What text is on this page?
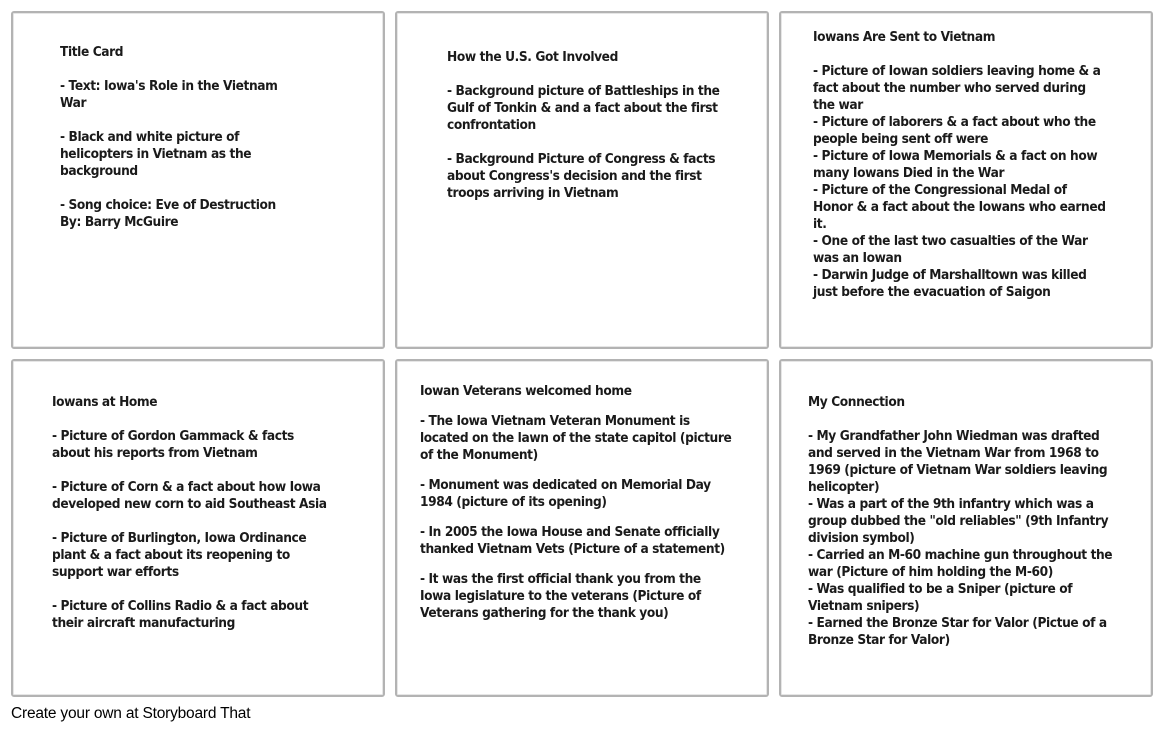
Title Card
- Text: Iowa's Role in the Vietnam War
- Black and white picture of helicopters in Vietnam as the background
- Song choice: Eve of Destruction By: Barry McGuire
How the U.S. Got Involved
- Background picture of Battleships in the Gulf of Tonkin & and a fact about the first confrontation
- Background Picture of Congress & facts about Congress's decision and the first troops arriving in Vietnam
Iowans Are Sent to Vietnam
- Picture of Iowan soldiers leaving home & a fact about the number who served during the war
- Picture of laborers & a fact about who the people being sent off were
- Picture of Iowa Memorials & a fact on how many Iowans Died in the War
- Picture of the Congressional Medal of Honor & a fact about the Iowans who earned it.
- One of the last two casualties of the War was an Iowan
- Darwin Judge of Marshalltown was killed just before the evacuation of Saigon
Iowans at Home
- Picture of Gordon Gammack & facts about his reports from Vietnam
- Picture of Corn & a fact about how Iowa developed new corn to aid Southeast Asia
- Picture of Burlington, Iowa Ordinance plant & a fact about its reopening to support war efforts
- Picture of Collins Radio & a fact about their aircraft manufacturing
Iowan Veterans welcomed home
- The Iowa Vietnam Veteran Monument is located on the lawn of the state capitol (picture of the Monument)
- Monument was dedicated on Memorial Day 1984 (picture of its opening)
- In 2005 the Iowa House and Senate officially thanked Vietnam Vets (Picture of a statement)
- It was the first official thank you from the Iowa legislature to the veterans (Picture of Veterans gathering for the thank you)
My Connection
- My Grandfather John Wiedman was drafted and served in the Vietnam War from 1968 to 1969 (picture of Vietnam War soldiers leaving helicopter)
- Was a part of the 9th infantry which was a group dubbed the "old reliables" (9th Infantry division symbol)
- Carried an M-60 machine gun throughout the war (Picture of him holding the M-60)
- Was qualified to be a Sniper (picture of Vietnam snipers)
- Earned the Bronze Star for Valor (Pictue of a Bronze Star for Valor)
Create your own at Storyboard That
